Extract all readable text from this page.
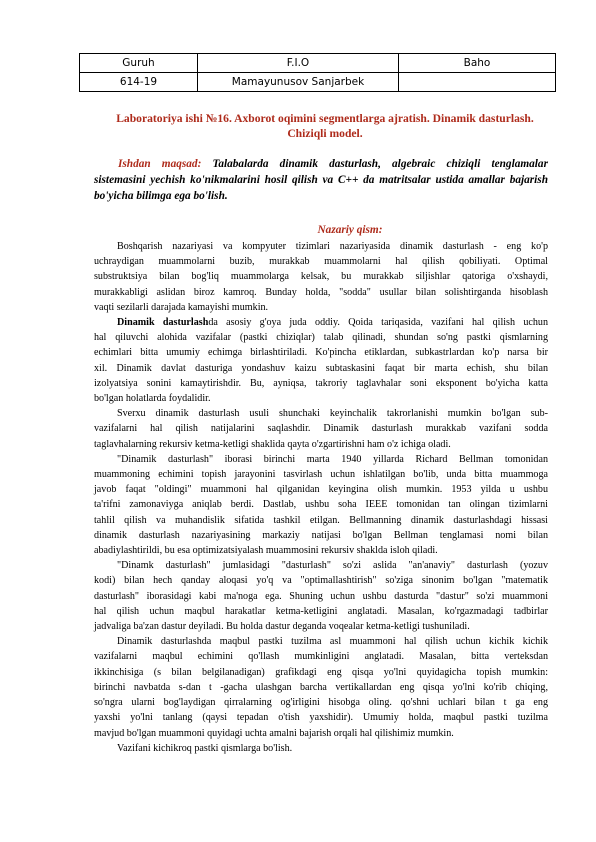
Guruh	F.I.O	Baho
614-19	Mamayunusov Sanjarbek	
Laboratoriya ishi №16. Axborot oqimini segmentlarga ajratish. Dinamik dasturlash.
Chiziqli model.
Ishdan maqsad: Talabalarda dinamik dasturlash, algebraic chiziqli tenglamalar
sistemasini yechish ko'nikmalarini hosil qilish va C++ da matritsalar ustida amallar bajarish
bo'yicha bilimga ega bo'lish.
Nazariy qism:
Boshqarish nazariyasi va kompyuter tizimlari nazariyasida dinamik dasturlash - eng ko'p
uchraydigan muammolarni buzib, murakkab muammolarni hal qilish qobiliyati. Optimal
substruktsiya bilan bog'liq muammolarga kelsak, bu murakkab siljishlar qatoriga o'xshaydi,
murakkabligi aslidan biroz kamroq. Bunday holda, "sodda" usullar bilan solishtirganda hisoblash
vaqti sezilarli darajada kamayishi mumkin.
Dinamik dasturlashda asosiy g'oya juda oddiy. Qoida tariqasida, vazifani hal qilish uchun
hal qiluvchi alohida vazifalar (pastki chiziqlar) talab qilinadi, shundan so'ng pastki qismlarning
echimlari bitta umumiy echimga birlashtiriladi. Ko'pincha etiklardan, subkastrlardan ko'p narsa bir
xil. Dinamik davlat dasturiga yondashuv kaizu subtaskasini faqat bir marta echish, shu bilan
izolyatsiya sonini kamaytirishdir. Bu, ayniqsa, takroriy taglavhalar soni eksponent bo'yicha katta
bo'lgan holatlarda foydalidir.
Sverxu dinamik dasturlash usuli shunchaki keyinchalik takrorlanishi mumkin bo'lgan sub-
vazifalarni hal qilish natijalarini saqlashdir. Dinamik dasturlash murakkab vazifani sodda
taglavhalarning rekursiv ketma-ketligi shaklida qayta o'zgartirishni ham o'z ichiga oladi.
"Dinamik dasturlash" iborasi birinchi marta 1940 yillarda Richard Bellman tomonidan
muammoning echimini topish jarayonini tasvirlash uchun ishlatilgan bo'lib, unda bitta muammoga
javob faqat "oldingi" muammoni hal qilganidan keyingina olish mumkin. 1953 yilda u ushbu
ta'rifni zamonaviyga aniqlab berdi. Dastlab, ushbu soha IEEE tomonidan tan olingan tizimlarni
tahlil qilish va muhandislik sifatida tashkil etilgan. Bellmanning dinamik dasturlashdagi hissasi
dinamik dasturlash nazariyasining markaziy natijasi bo'lgan Bellman tenglamasi nomi bilan
abadiylashtirildi, bu esa optimizatsiyalash muammosini rekursiv shaklda isloh qiladi.
"Dinamk dasturlash" jumlasidagi "dasturlash" so'zi aslida "an'anaviy" dasturlash (yozuv
kodi) bilan hech qanday aloqasi yo'q va "optimallashtirish" so'ziga sinonim bo'lgan "matematik
dasturlash" iborasidagi kabi ma'noga ega. Shuning uchun ushbu dasturda "dastur" so'zi muammoni
hal qilish uchun maqbul harakatlar ketma-ketligini anglatadi. Masalan, ko'rgazmadagi tadbirlar
jadvaliga ba'zan dastur deyiladi. Bu holda dastur deganda voqealar ketma-ketligi tushuniladi.
Dinamik dasturlashda maqbul pastki tuzilma asl muammoni hal qilish uchun kichik kichik
vazifalarni maqbul echimini qo'llash mumkinligini anglatadi. Masalan, bitta verteksdan
ikkinchisiga (s bilan belgilanadigan) grafikdagi eng qisqa yo'lni quyidagicha topish mumkin:
birinchi navbatda s-dan t -gacha ulashgan barcha vertikallardan eng qisqa yo'lni ko'rib chiqing,
so'ngra ularni bog'laydigan qirralarning og'irligini hisobga oling. qo'shni uchlari bilan t ga eng
yaxshi yo'lni tanlang (qaysi tepadan o'tish yaxshidir). Umumiy holda, maqbul pastki tuzilma
mavjud bo'lgan muammoni quyidagi uchta amalni bajarish orqali hal qilishimiz mumkin.
Vazifani kichikroq pastki qismlarga bo'lish.
